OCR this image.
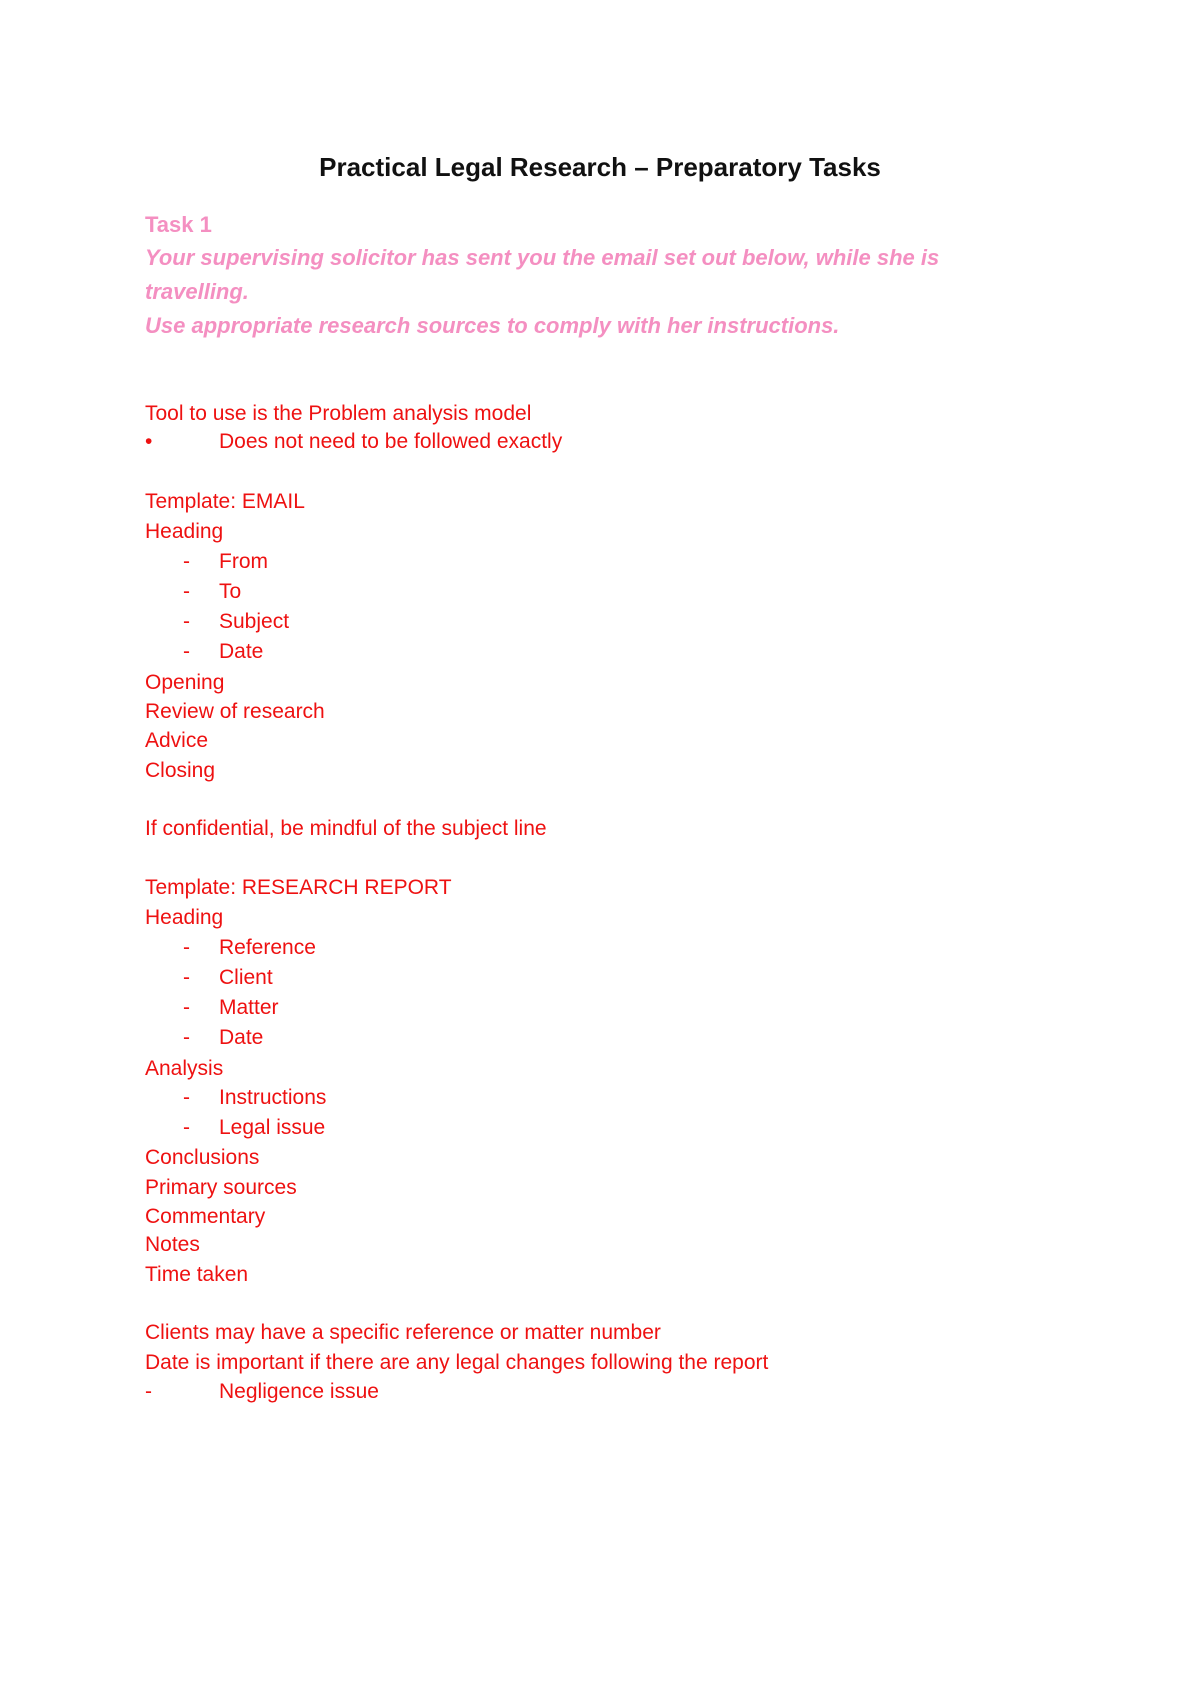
Practical Legal Research – Preparatory Tasks
Task 1
Your supervising solicitor has sent you the email set out below, while she is
travelling.
Use appropriate research sources to comply with her instructions.
Tool to use is the Problem analysis model
•	Does not need to be followed exactly
Template: EMAIL
Heading
- From
- To
- Subject
- Date
Opening
Review of research
Advice
Closing
If confidential, be mindful of the subject line
Template: RESEARCH REPORT
Heading
- Reference
- Client
- Matter
- Date
Analysis
- Instructions
- Legal issue
Conclusions
Primary sources
Commentary
Notes
Time taken
Clients may have a specific reference or matter number
Date is important if there are any legal changes following the report
-	Negligence issue
